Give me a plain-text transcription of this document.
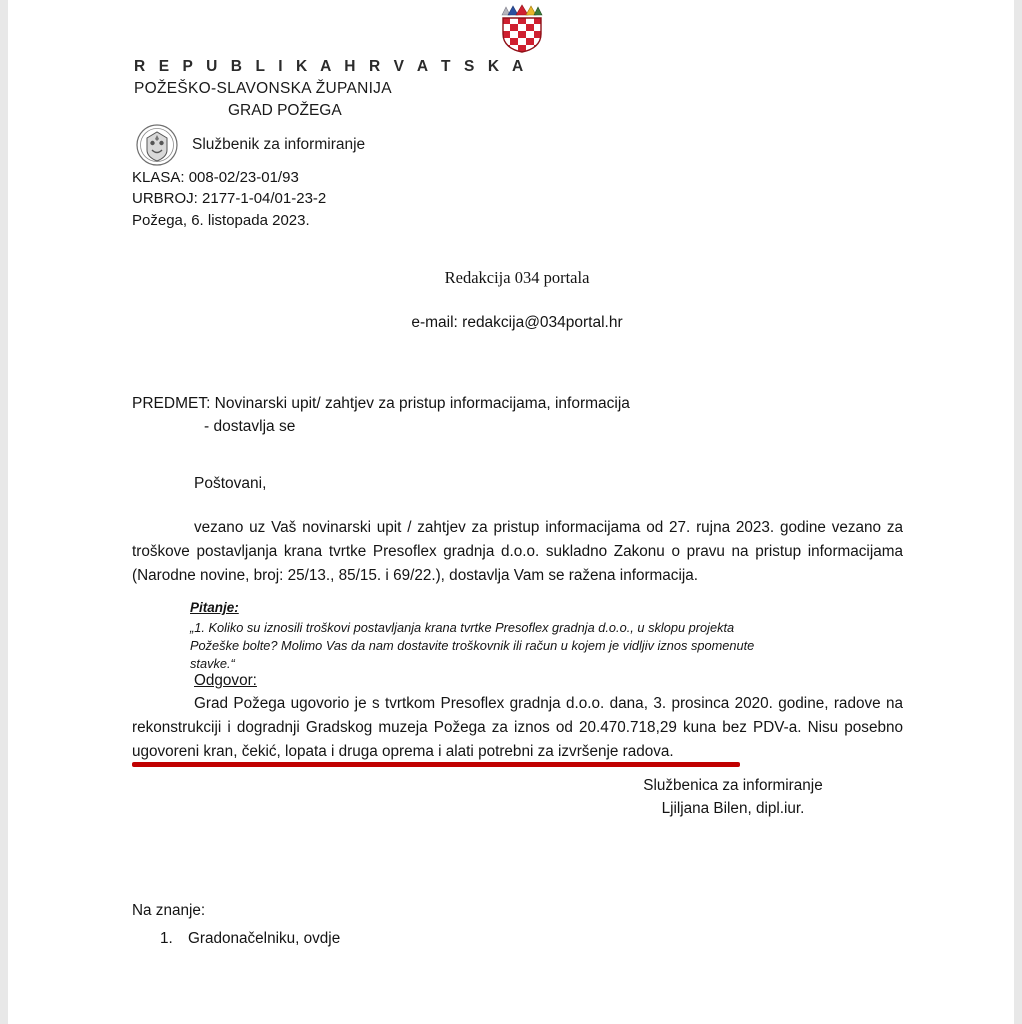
R E P U B L I K A H R V A T S K A
POŽEŠKO-SLAVONSKA ŽUPANIJA
GRAD POŽEGA
Službenik za informiranje
KLASA: 008-02/23-01/93
URBROJ: 2177-1-04/01-23-2
Požega, 6. listopada 2023.
Redakcija 034 portala
e-mail: redakcija@034portal.hr
PREDMET: Novinarski upit/ zahtjev za pristup informacijama, informacija
- dostavlja se
Poštovani,
vezano uz Vaš novinarski upit / zahtjev za pristup informacijama od 27. rujna 2023. godine vezano za troškove postavljanja krana tvrtke Presoflex gradnja d.o.o. sukladno Zakonu o pravu na pristup informacijama (Narodne novine, broj: 25/13., 85/15. i 69/22.), dostavlja Vam se ražena informacija.
Pitanje:
„1. Koliko su iznosili troškovi postavljanja krana tvrtke Presoflex gradnja d.o.o., u sklopu projekta Požeške bolte? Molimo Vas da nam dostavite troškovnik ili račun u kojem je vidljiv iznos spomenute stavke.“
Odgovor:
Grad Požega ugovorio je s tvrtkom Presoflex gradnja d.o.o. dana, 3. prosinca 2020. godine, radove na rekonstrukciji i dogradnji Gradskog muzeja Požega za iznos od 20.470.718,29 kuna bez PDV-a. Nisu posebno ugovoreni kran, čekić, lopata i druga oprema i alati potrebni za izvršenje radova.
Službenica za informiranje
Ljiljana Bilen, dipl.iur.
Na znanje:
1. Gradonačelniku, ovdje
